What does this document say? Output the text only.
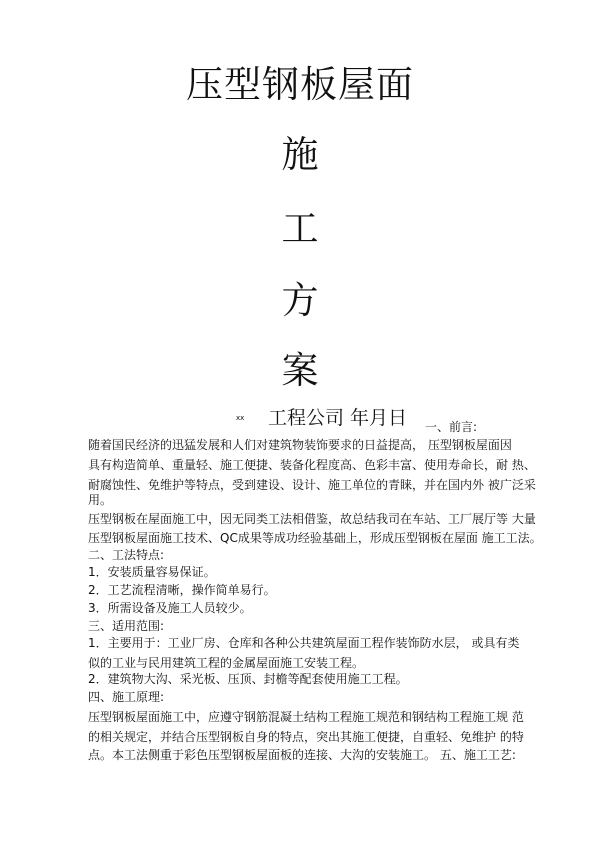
压型钢板屋面
施
工
方
案
xx 工程公司 年月日 一、前言:
随着国民经济的迅猛发展和人们对建筑物装饰要求的日益提高， 压型钢板屋面因
具有构造简单、重量轻、施工便捷、装备化程度高、色彩丰富、使用寿命长，耐 热、
耐腐蚀性、免维护等特点，受到建设、设计、施工单位的青睐，并在国内外 被广泛采
用。
压型钢板在屋面施工中，因无同类工法相借鉴，故总结我司在车站、工厂展厅等 大量
压型钢板屋面施工技术、QC成果等成功经验基础上，形成压型钢板在屋面 施工工法。
二、工法特点:
1．安装质量容易保证。
2．工艺流程清晰，操作简单易行。
3．所需设备及施工人员较少。
三、适用范围:
1．主要用于：工业厂房、仓库和各种公共建筑屋面工程作装饰防水层， 或具有类
似的工业与民用建筑工程的金属屋面施工安装工程。
2．建筑物大沟、采光板、压顶、封檐等配套使用施工工程。
四、施工原理:
压型钢板屋面施工中，应遵守钢筋混凝土结构工程施工规范和钢结构工程施工规 范
的相关规定，并结合压型钢板自身的特点，突出其施工便捷，自重轻、免维护 的特
点。本工法侧重于彩色压型钢板屋面板的连接、大沟的安装施工。 五、施工工艺:
